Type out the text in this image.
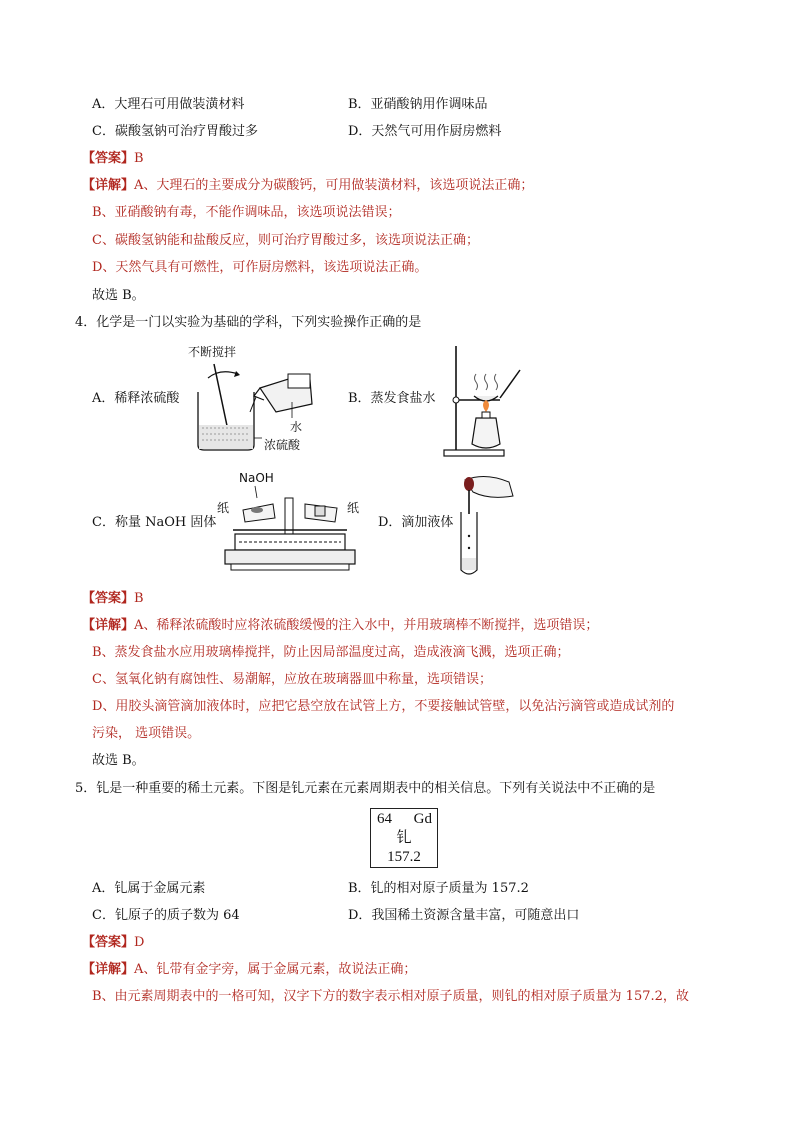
A．大理石可用做装潢材料	B．亚硝酸钠用作调味品
C．碳酸氢钠可治疗胃酸过多	D．天然气可用作厨房燃料
【答案】B
【详解】A、大理石的主要成分为碳酸钙，可用做装潢材料，该选项说法正确；
B、亚硝酸钠有毒，不能作调味品，该选项说法错误；
C、碳酸氢钠能和盐酸反应，则可治疗胃酸过多，该选项说法正确；
D、天然气具有可燃性，可作厨房燃料，该选项说法正确。
故选 B。
4．化学是一门以实验为基础的学科，下列实验操作正确的是
A．稀释浓硫酸	B．蒸发食盐水
C．称量 NaOH 固体	D．滴加液体
不断搅拌
水
浓硫酸
NaOH
纸	纸
【答案】B
【详解】A、稀释浓硫酸时应将浓硫酸缓慢的注入水中，并用玻璃棒不断搅拌，选项错误；
B、蒸发食盐水应用玻璃棒搅拌，防止因局部温度过高，造成液滴飞溅，选项正确；
C、氢氧化钠有腐蚀性、易潮解，应放在玻璃器皿中称量，选项错误；
D、用胶头滴管滴加液体时，应把它悬空放在试管上方，不要接触试管壁，以免沾污滴管或造成试剂的
污染， 选项错误。
故选 B。
5．钆是一种重要的稀土元素。下图是钆元素在元素周期表中的相关信息。下列有关说法中不正确的是
64 Gd
钆
157.2
A．钆属于金属元素	B．钆的相对原子质量为 157.2
C．钆原子的质子数为 64	D．我国稀土资源含量丰富，可随意出口
【答案】D
【详解】A、钆带有金字旁，属于金属元素，故说法正确；
B、由元素周期表中的一格可知，汉字下方的数字表示相对原子质量，则钆的相对原子质量为 157.2，故
